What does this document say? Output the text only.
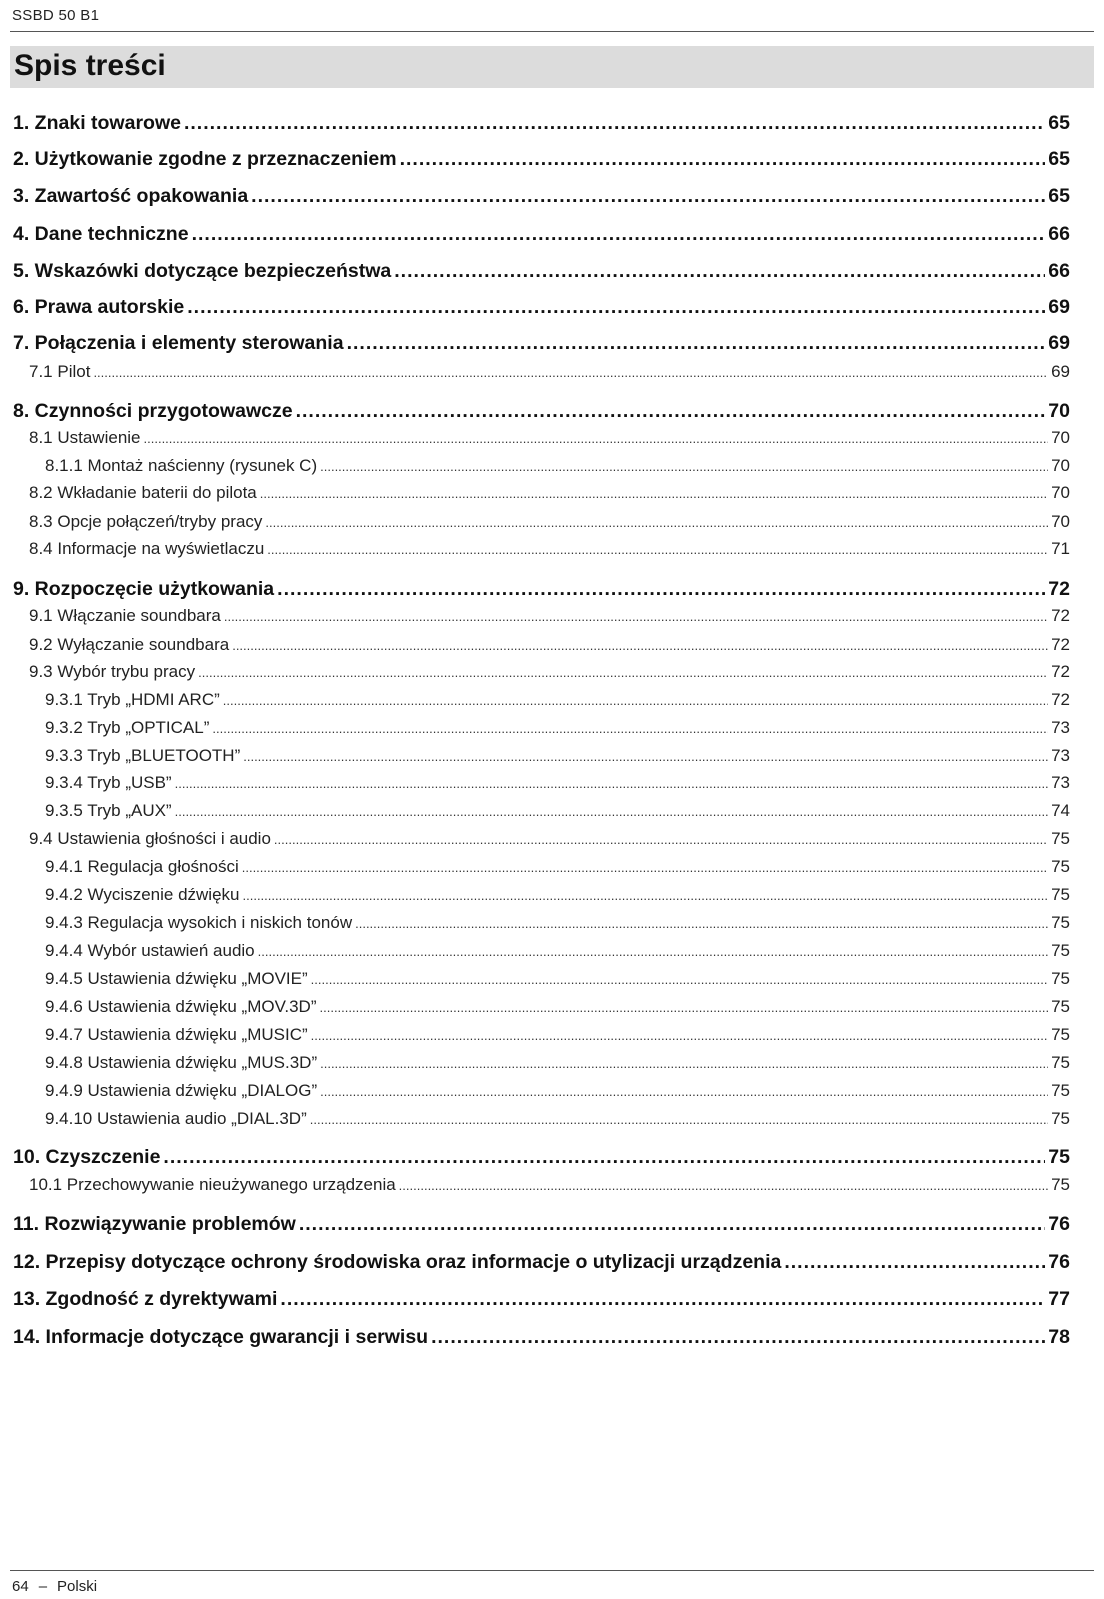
SSBD 50 B1
Spis treści
1. Znaki towarowe .....	65
2. Użytkowanie zgodne z przeznaczeniem .....	65
3. Zawartość opakowania .....	65
4. Dane techniczne .....	66
5. Wskazówki dotyczące bezpieczeństwa .....	66
6. Prawa autorskie .....	69
7. Połączenia i elementy sterowania .....	69
7.1 Pilot .....	69
8. Czynności przygotowawcze .....	70
8.1 Ustawienie .....	70
8.1.1 Montaż naścienny (rysunek C) .....	70
8.2 Wkładanie baterii do pilota .....	70
8.3 Opcje połączeń/tryby pracy .....	70
8.4 Informacje na wyświetlaczu .....	71
9. Rozpoczęcie użytkowania .....	72
9.1 Włączanie soundbara .....	72
9.2 Wyłączanie soundbara .....	72
9.3 Wybór trybu pracy .....	72
9.3.1 Tryb „HDMI ARC” .....	72
9.3.2 Tryb „OPTICAL” .....	73
9.3.3 Tryb „BLUETOOTH” .....	73
9.3.4 Tryb „USB” .....	73
9.3.5 Tryb „AUX” .....	74
9.4 Ustawienia głośności i audio .....	75
9.4.1 Regulacja głośności .....	75
9.4.2 Wyciszenie dźwięku .....	75
9.4.3 Regulacja wysokich i niskich tonów .....	75
9.4.4 Wybór ustawień audio .....	75
9.4.5 Ustawienia dźwięku „MOVIE” .....	75
9.4.6 Ustawienia dźwięku „MOV.3D” .....	75
9.4.7 Ustawienia dźwięku „MUSIC” .....	75
9.4.8 Ustawienia dźwięku „MUS.3D” .....	75
9.4.9 Ustawienia dźwięku „DIALOG” .....	75
9.4.10 Ustawienia audio „DIAL.3D” .....	75
10. Czyszczenie .....	75
10.1 Przechowywanie nieużywanego urządzenia .....	75
11. Rozwiązywanie problemów .....	76
12. Przepisy dotyczące ochrony środowiska oraz informacje o utylizacji urządzenia .....	76
13. Zgodność z dyrektywami .....	77
14. Informacje dotyczące gwarancji i serwisu .....	78
64 – Polski
